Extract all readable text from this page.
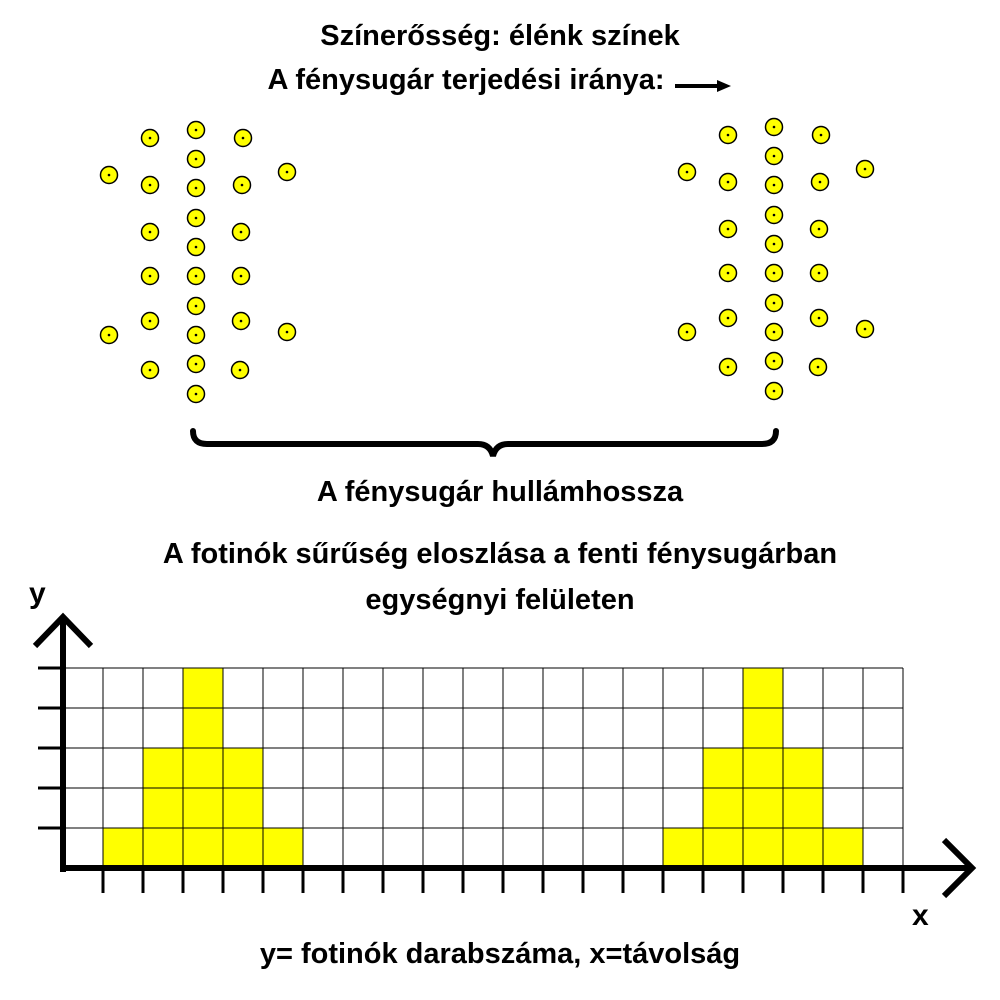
Színerősség: élénk színek
A fénysugár terjedési iránya:
A fénysugár hullámhossza
A fotinók sűrűség eloszlása a fenti fénysugárban
egységnyi felületen
y
x
y= fotinók darabszáma, x=távolság
